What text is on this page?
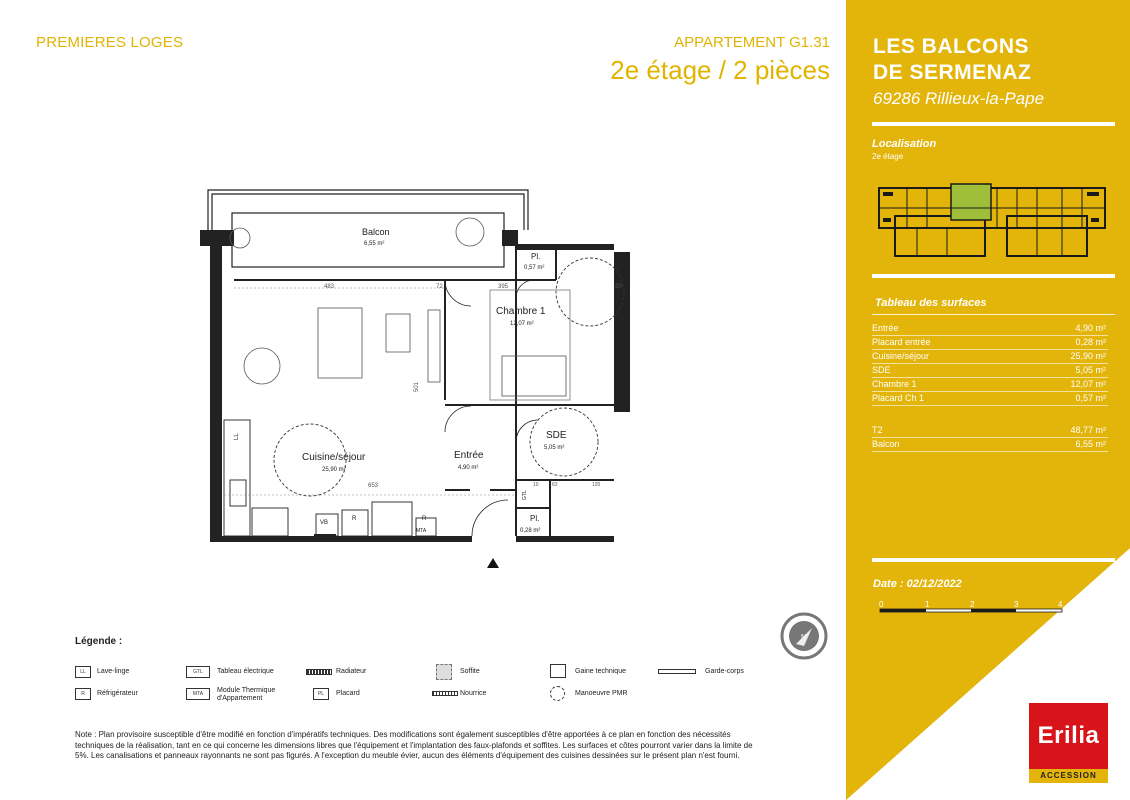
PREMIERES LOGES	APPARTEMENT G1.31
2e étage / 2 pièces
LES BALCONS
DE SERMENAZ
69286 Rillieux-la-Pape
Localisation
2e étage
Tableau des surfaces
Entrée	4,90 m²
Placard entrée	0,28 m²
Cuisine/séjour	25,90 m²
SDE	5,05 m²
Chambre 1	12,07 m²
Placard Ch 1	0,57 m²
T2	48,77 m²
Balcon	6,55 m²
Date : 02/12/2022
0	1	2	3	4
Erilia
ACCESSION
Balcon
6,55 m²
Pl.
0,57 m²
Chambre 1
12,07 m²
SDE
5,05 m²
Cuisine/séjour
25,90 m²
Entrée
4,90 m²
Pl.
0,28 m²
483	72	395	20
501
653	63	120
10
LL
VB
R
MTA
GTL
R
N
Légende :
LL	Lave-linge	GTL	Tableau électrique	Radiateur	Soffite	Gaine technique	Garde-corps
R	Réfrigérateur	MTA	Module Thermique d'Appartement
PL	Placard	Nourrice	Manoeuvre PMR
Note : Plan provisoire susceptible d'être modifié en fonction d'impératifs techniques. Des modifications sont également susceptibles d'être apportées à ce plan en fonction des nécessités techniques de la réalisation, tant en ce qui concerne les dimensions libres que l'équipement et l'implantation des faux-plafonds et soffites. Les surfaces et côtes pourront varier dans la limite de 5%. Les canalisations et panneaux rayonnants ne sont pas figurés. A l'exception du meuble évier, aucun des éléments d'équipement des cuisines dessinées sur le présent plan n'est fourni.
